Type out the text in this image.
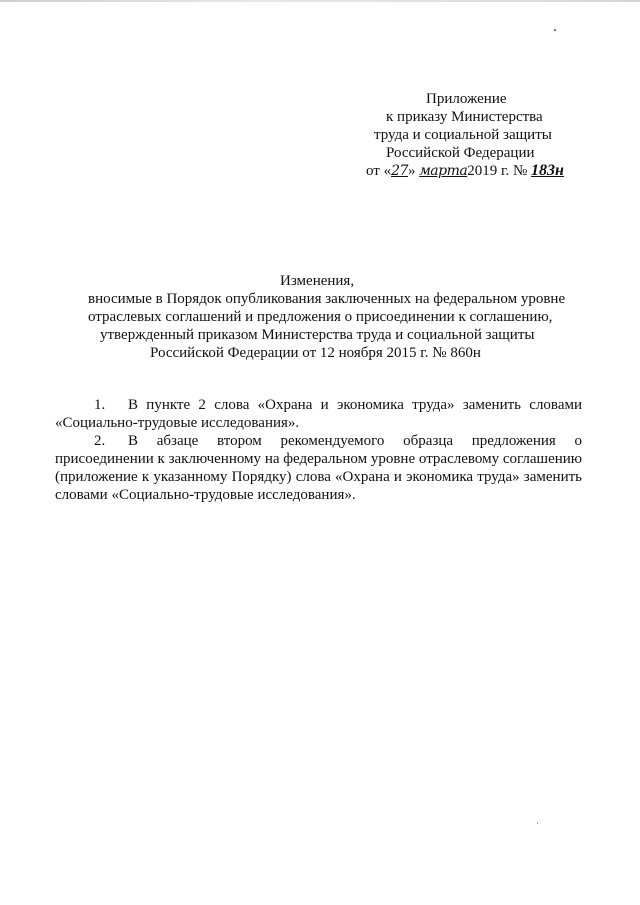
Приложение
к приказу Министерства
труда и социальной защиты
Российской Федерации
от «27» марта2019 г. № 183н
Изменения,
вносимые в Порядок опубликования заключенных на федеральном уровне
отраслевых соглашений и предложения о присоединении к соглашению,
утвержденный приказом Министерства труда и социальной защиты
Российской Федерации от 12 ноября 2015 г. № 860н

1. В пункте 2 слова «Охрана и экономика труда» заменить словами «Социально-трудовые исследования».

2. В абзаце втором рекомендуемого образца предложения о присоединении к заключенному на федеральном уровне отраслевому соглашению (приложение к указанному Порядку) слова «Охрана и экономика труда» заменить словами «Социально-трудовые исследования».
